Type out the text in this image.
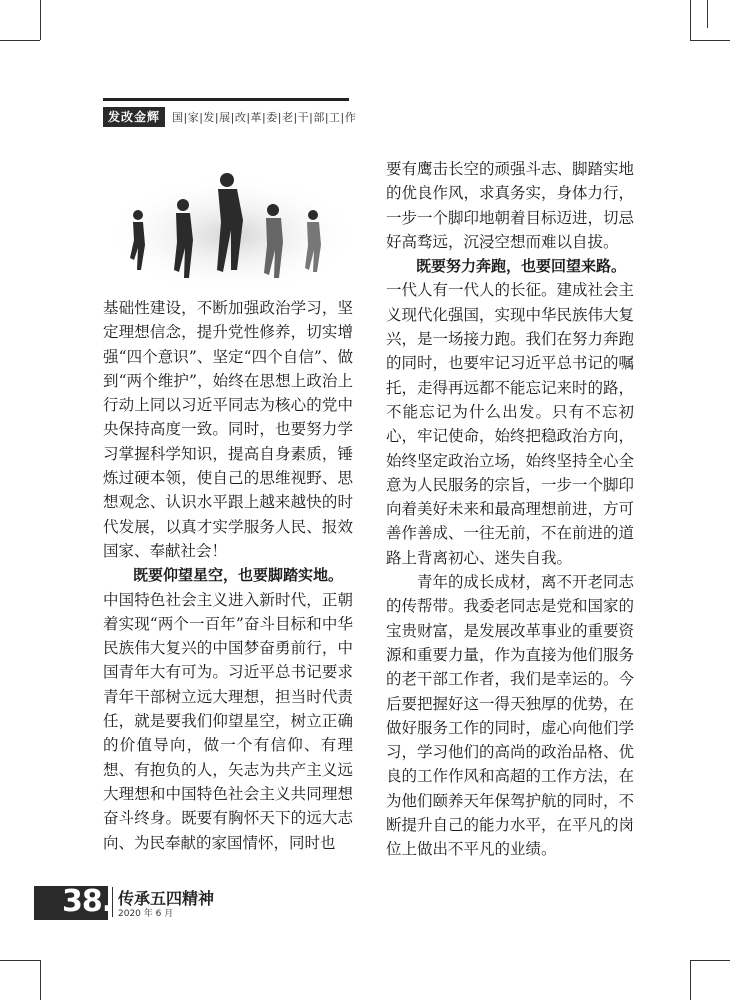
发改金辉	国|家|发|展|改|革|委|老|干|部|工|作

基础性建设，不断加强政治学习，坚定理想信念，提升党性修养，切实增强“四个意识”、坚定“四个自信”、做到“两个维护”，始终在思想上政治上行动上同以习近平同志为核心的党中央保持高度一致。同时，也要努力学习掌握科学知识，提高自身素质，锤炼过硬本领，使自己的思维视野、思想观念、认识水平跟上越来越快的时代发展，以真才实学服务人民、报效国家、奉献社会！

既要仰望星空，也要脚踏实地。

中国特色社会主义进入新时代，正朝着实现“两个一百年”奋斗目标和中华民族伟大复兴的中国梦奋勇前行，中国青年大有可为。习近平总书记要求青年干部树立远大理想，担当时代责任，就是要我们仰望星空，树立正确的价值导向，做一个有信仰、有理想、有抱负的人，矢志为共产主义远大理想和中国特色社会主义共同理想奋斗终身。既要有胸怀天下的远大志向、为民奉献的家国情怀，同时也

要有鹰击长空的顽强斗志、脚踏实地的优良作风，求真务实，身体力行，一步一个脚印地朝着目标迈进，切忌好高骛远，沉浸空想而难以自拔。

既要努力奔跑，也要回望来路。

一代人有一代人的长征。建成社会主义现代化强国，实现中华民族伟大复兴，是一场接力跑。我们在努力奔跑的同时，也要牢记习近平总书记的嘱托，走得再远都不能忘记来时的路，不能忘记为什么出发。只有不忘初心，牢记使命，始终把稳政治方向，始终坚定政治立场，始终坚持全心全意为人民服务的宗旨，一步一个脚印向着美好未来和最高理想前进，方可善作善成、一往无前，不在前进的道路上背离初心、迷失自我。

青年的成长成材，离不开老同志的传帮带。我委老同志是党和国家的宝贵财富，是发展改革事业的重要资源和重要力量，作为直接为他们服务的老干部工作者，我们是幸运的。今后要把握好这一得天独厚的优势，在做好服务工作的同时，虚心向他们学习，学习他们的高尚的政治品格、优良的工作作风和高超的工作方法，在为他们颐养天年保驾护航的同时，不断提升自己的能力水平，在平凡的岗位上做出不平凡的业绩。

38. 传承五四精神
2020 年 6 月
